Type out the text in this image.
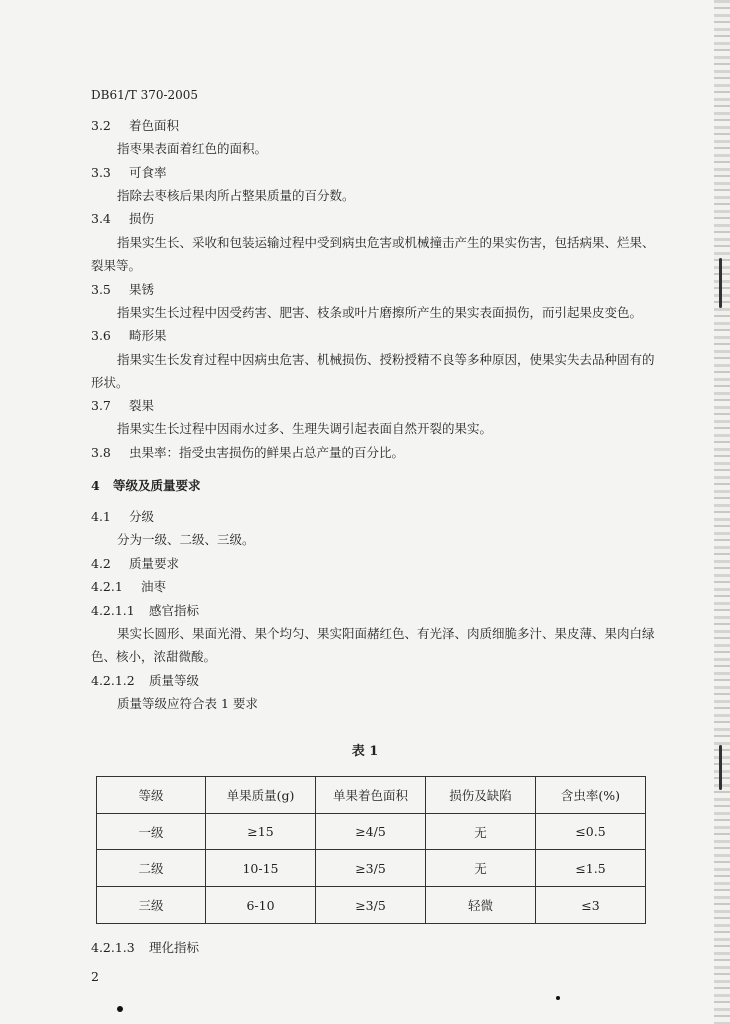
DB61/T 370-2005
3.2 着色面积
指枣果表面着红色的面积。
3.3 可食率
指除去枣核后果肉所占整果质量的百分数。
3.4 损伤
指果实生长、采收和包装运输过程中受到病虫危害或机械撞击产生的果实伤害，包括病果、烂果、
裂果等。
3.5 果锈
指果实生长过程中因受药害、肥害、枝条或叶片磨擦所产生的果实表面损伤，而引起果皮变色。
3.6 畸形果
指果实生长发育过程中因病虫危害、机械损伤、授粉授精不良等多种原因，使果实失去品种固有的
形状。
3.7 裂果
指果实生长过程中因雨水过多、生理失调引起表面自然开裂的果实。
3.8 虫果率：指受虫害损伤的鲜果占总产量的百分比。
4 等级及质量要求
4.1 分级
分为一级、二级、三级。
4.2 质量要求
4.2.1 油枣
4.2.1.1 感官指标
果实长圆形、果面光滑、果个均匀、果实阳面赭红色、有光泽、肉质细脆多汁、果皮薄、果肉白绿
色、核小，浓甜微酸。
4.2.1.2 质量等级
质量等级应符合表 1 要求
表 1
等级	单果质量(g)	单果着色面积	损伤及缺陷	含虫率(%)
一级	≥15	≥4/5	无	≤0.5
二级	10-15	≥3/5	无	≤1.5
三级	6-10	≥3/5	轻微	≤3
4.2.1.3 理化指标
2
